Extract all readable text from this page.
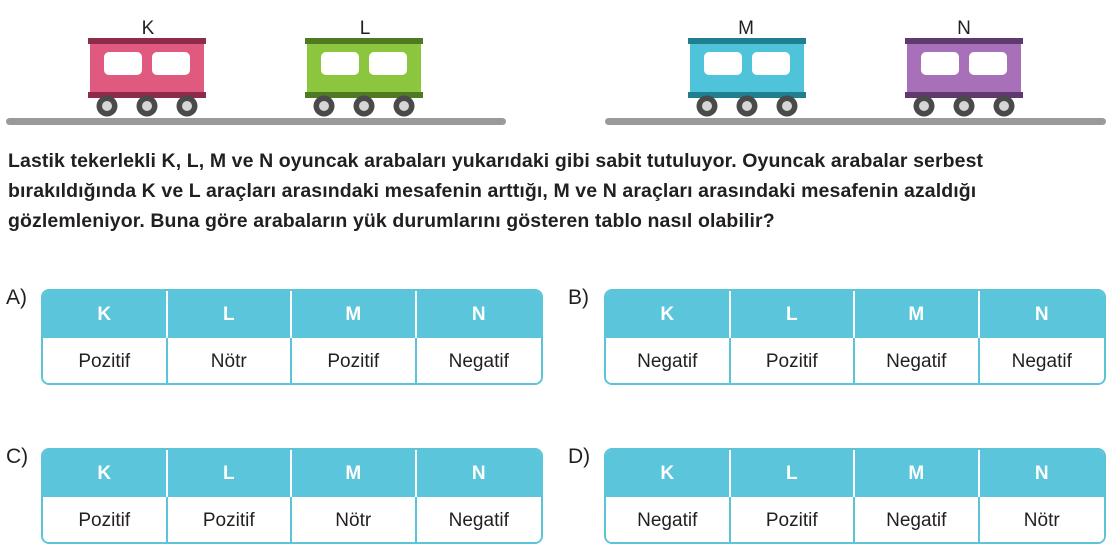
K	L	M	N
Lastik tekerlekli K, L, M ve N oyuncak arabaları yukarıdaki gibi sabit tutuluyor. Oyuncak arabalar serbest bırakıldığında K ve L araçları arasındaki mesafenin arttığı, M ve N araçları arasındaki mesafenin azaldığı gözlemleniyor. Buna göre arabaların yük durumlarını gösteren tablo nasıl olabilir?
A)
K	L	M	N
Pozitif	Nötr	Pozitif	Negatif
B)
K	L	M	N
Negatif	Pozitif	Negatif	Negatif
C)
K	L	M	N
Pozitif	Pozitif	Nötr	Negatif
D)
K	L	M	N
Negatif	Pozitif	Negatif	Nötr
